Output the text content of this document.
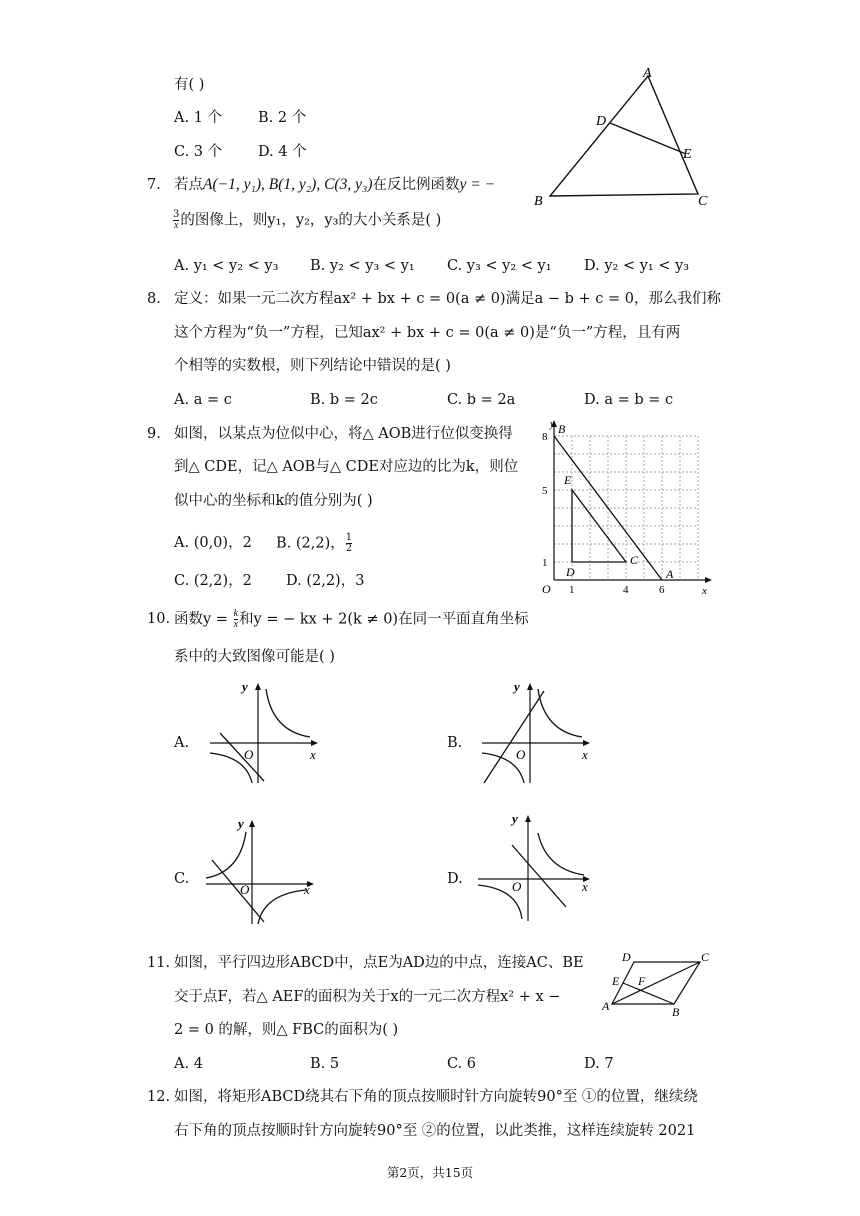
有( )
A. 1 个 B. 2 个
C. 3 个 D. 4 个
A
D
E
B	C
7. 若点A(−1, y₁), B(1, y₂), C(3, y₃)在反比例函数y = −
$\frac{3}{x}$ 的图像上，则y₁，y₂，y₃的大小关系是( )
A. y₁ < y₂ < y₃ B. y₂ < y₃ < y₁ C. y₃ < y₂ < y₁ D. y₂ < y₁ < y₃
8. 定义：如果一元二次方程ax² + bx + c = 0(a ≠ 0)满足a − b + c = 0，那么我们称
这个方程为“负一”方程，已知ax² + bx + c = 0(a ≠ 0)是“负一”方程，且有两
个相等的实数根，则下列结论中错误的是( )
A. a = c	B. b = 2c	C. b = 2a	D. a = b = c
9. 如图，以某点为位似中心，将△ AOB进行位似变换得
到△ CDE，记△ AOB与△ CDE对应边的比为k，则位
似中心的坐标和k的值分别为( )
A. (0,0)，2 B. (2,2)， $\frac{1}{2}$
C. (2,2)，2 D. (2,2)，3
y
x
B
E
D
C
A
O
8
5
1
1	4	6
10. 函数$y = \frac{k}{x}$ 和y = − kx + 2(k ≠ 0)在同一平面直角坐标
系中的大致图像可能是( )
A.	B.
C.	D.
y
x
O
y
x
O
y
x
O
y
x
O
11. 如图，平行四边形ABCD中，点E为AD边的中点，连接AC、BE
交于点F，若△ AEF的面积为关于x的一元二次方程x² + x −
2 = 0 的解，则△ FBC的面积为( )
A. 4	B. 5	C. 6	D. 7
D	C
E F
A	B
12. 如图，将矩形ABCD绕其右下角的顶点按顺时针方向旋转90°至 ①的位置，继续绕
右下角的顶点按顺时针方向旋转90°至 ②的位置，以此类推，这样连续旋转 2021
第2页，共15页
